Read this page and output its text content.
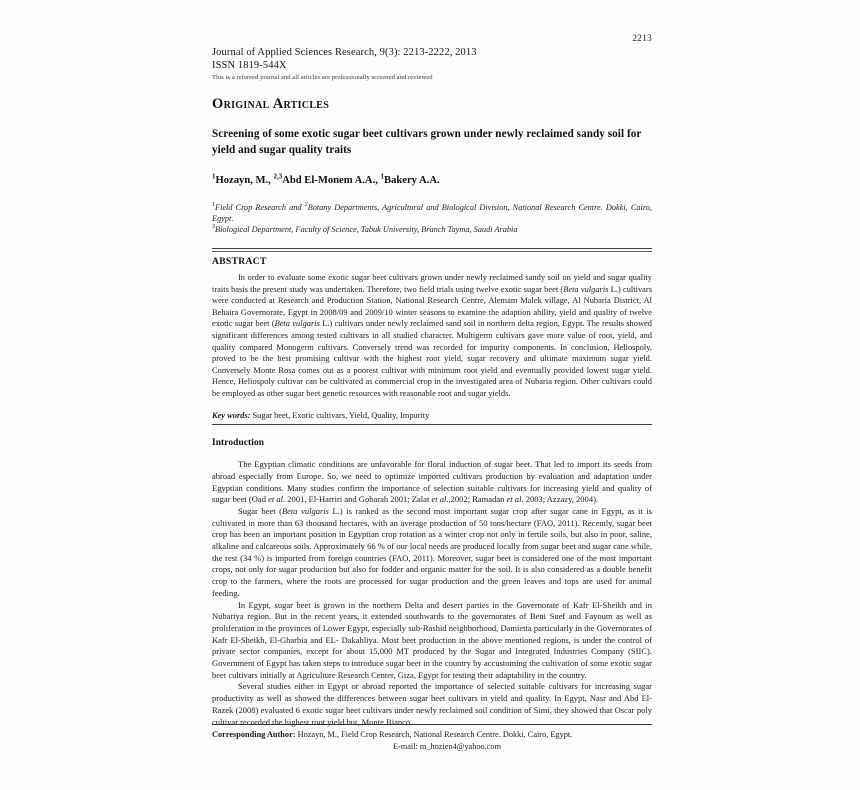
2213
Journal of Applied Sciences Research, 9(3): 2213-2222, 2013
ISSN 1819-544X
This is a refereed journal and all articles are professionally screened and reviewed
Original Articles
Screening of some exotic sugar beet cultivars grown under newly reclaimed sandy soil for yield and sugar quality traits
$^1$Hozayn, M., $^{2,3}$Abd El-Monem A.A., $^1$Bakery A.A.
$^1$Field Crop Research and $^2$Botany Departments, Agricultural and Biological Division, National Research Centre. Dokki, Cairo, Egypt.
$^3$Biological Department, Faculty of Science, Tabuk University, Branch Tayma, Saudi Arabia
ABSTRACT
In order to evaluate some exotic sugar beet cultivars grown under newly reclaimed sandy soil on yield and sugar quality traits basis the present study was undertaken. Therefore, two field trials using twelve exotic sugar beet (Beta vulgaris L.) cultivars were conducted at Research and Production Station, National Research Centre, Alemam Malek village, Al Nubaria District, Al Behaira Governorate, Egypt in 2008/09 and 2009/10 winter seasons to examine the adaption ability, yield and quality of twelve exotic sugar beet (Beta vulgaris L.) cultivars under newly reclaimed sand soil in northern delta region, Egypt. The results showed significant differences among tested cultivars in all studied character. Multigerm cultivars gave more value of root, yield, and quality compared Monogerm cultivars. Conversely trend was recorded for impurity components. In conclusion, Heliospoly, proved to be the best promising cultivar with the highest root yield, sugar recovery and ultimate maximum sugar yield. Conversely Monte Rosa comes out as a poorest cultivar with minimum root yield and eventually provided lowest sugar yield. Hence, Heliospoly cultivar can be cultivated as commercial crop in the investigated area of Nubaria region. Other cultivars could be employed as other sugar beet genetic resources with reasonable root and sugar yields.
Key words: Sugar beet, Exotic cultivars, Yield, Quality, Impurity
Introduction

The Egyptian climatic conditions are unfavorable for floral induction of sugar beet. That led to import its seeds from abroad especially from Europe. So, we need to optimize imported cultivars production by evaluation and adaptation under Egyptian conditions. Many studies confirm the importance of selection suitable cultivars for increasing yield and quality of sugar beet (Oad et al. 2001, El-Harriri and Gobarah 2001; Zalat et al.,2002; Ramadan et al. 2003; Azzazy, 2004).

Sugar beet (Beta vulgaris L.) is ranked as the second most important sugar crop after sugar cane in Egypt, as it is cultivated in more than 63 thousand hectares, with an average production of 50 tons/hectare (FAO, 2011). Recently, sugar beet crop has been an important position in Egyptian crop rotation as a winter crop not only in fertile soils, but also in poor, saline, alkaline and calcareous soils. Approximately 66 % of our local needs are produced locally from sugar beet and sugar cane while, the rest (34 %) is imported from foreign countries (FAO, 2011). Moreover, sugar beet is considered one of the most important crops, not only for sugar production but also for fodder and organic matter for the soil. It is also considered as a double benefit crop to the farmers, where the roots are processed for sugar production and the green leaves and tops are used for animal feeding.

In Egypt, sugar beet is grown in the northern Delta and desert parties in the Governorate of Kafr El-Sheikh and in Nubariya region. But in the recent years, it extended southwards to the governorates of Beni Suef and Fayoum as well as proliferation in the provinces of Lower Egypt, especially sub-Rashid neighborhood, Damietta particularly in the Governorates of Kafr El-Sheikh, El-Gharbia and EL- Dakahliya. Most beet production in the above mentioned regions, is under the control of private sector companies, except for about 15,000 MT produced by the Sugar and Integrated Industries Company (SIIC). Government of Egypt has taken steps to introduce sugar beet in the country by accustoming the cultivation of some exotic sugar beet cultivars initially at Agriculture Research Center, Giza, Egypt for testing their adaptability in the country.

Several studies either in Egypt or abroad reported the importance of selected suitable cultivars for increasing sugar productivity as well as showed the differences between sugar beet cultivars in yield and quality. In Egypt, Nasr and Abd El-Razek (2008) evaluated 6 exotic sugar beet cultivars under newly reclaimed soil condition of Simi, they showed that Oscar poly cultivar recorded the highest root yield but, Monte Bianco

Corresponding Author: Hozayn, M., Field Crop Research, National Research Centre. Dokki, Cairo, Egypt.
E-mail: m_hozien4@yahoo.com
